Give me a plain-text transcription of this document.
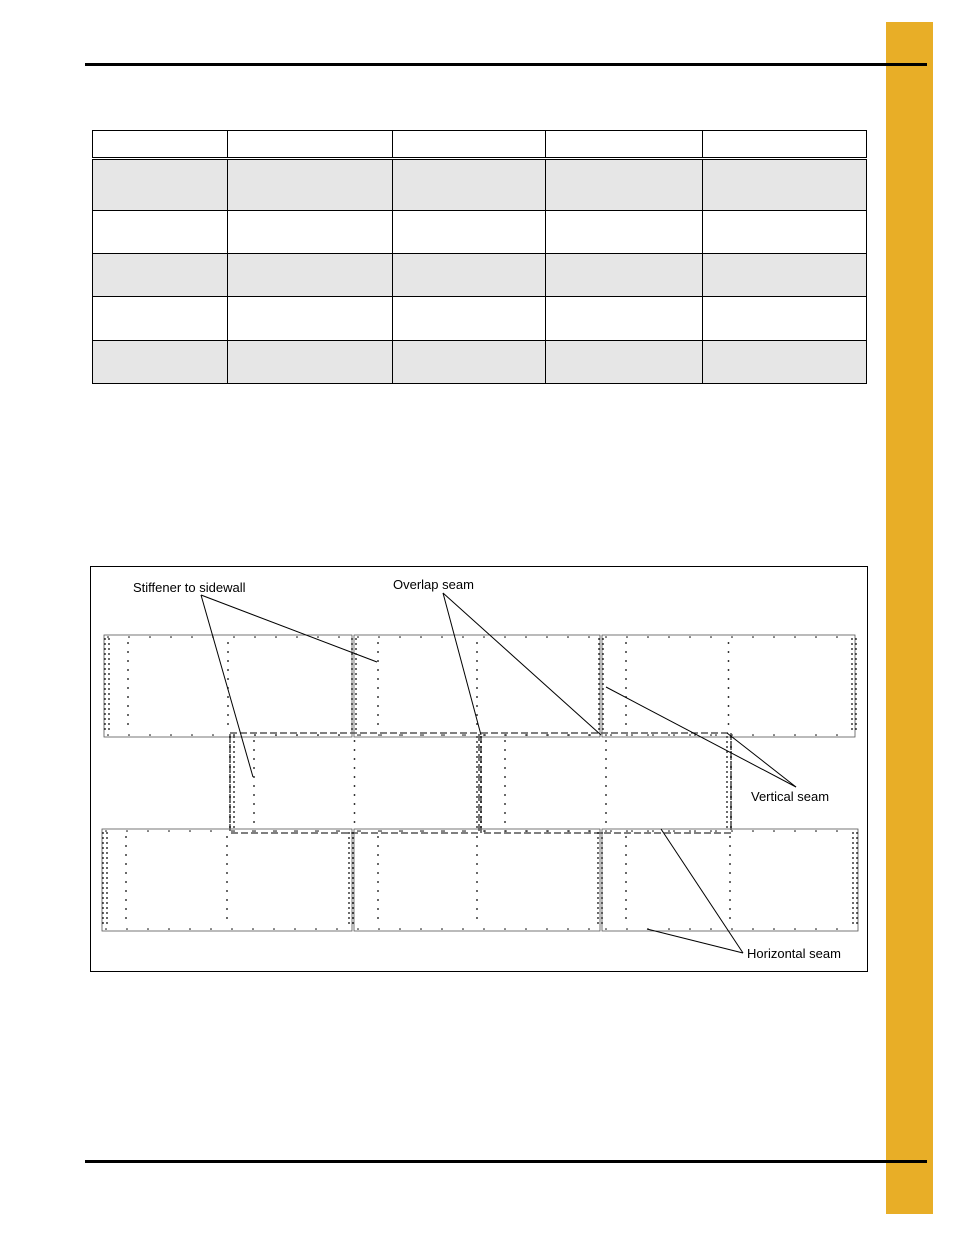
Stiffener to sidewall	Overlap seam
Vertical seam
Horizontal seam
